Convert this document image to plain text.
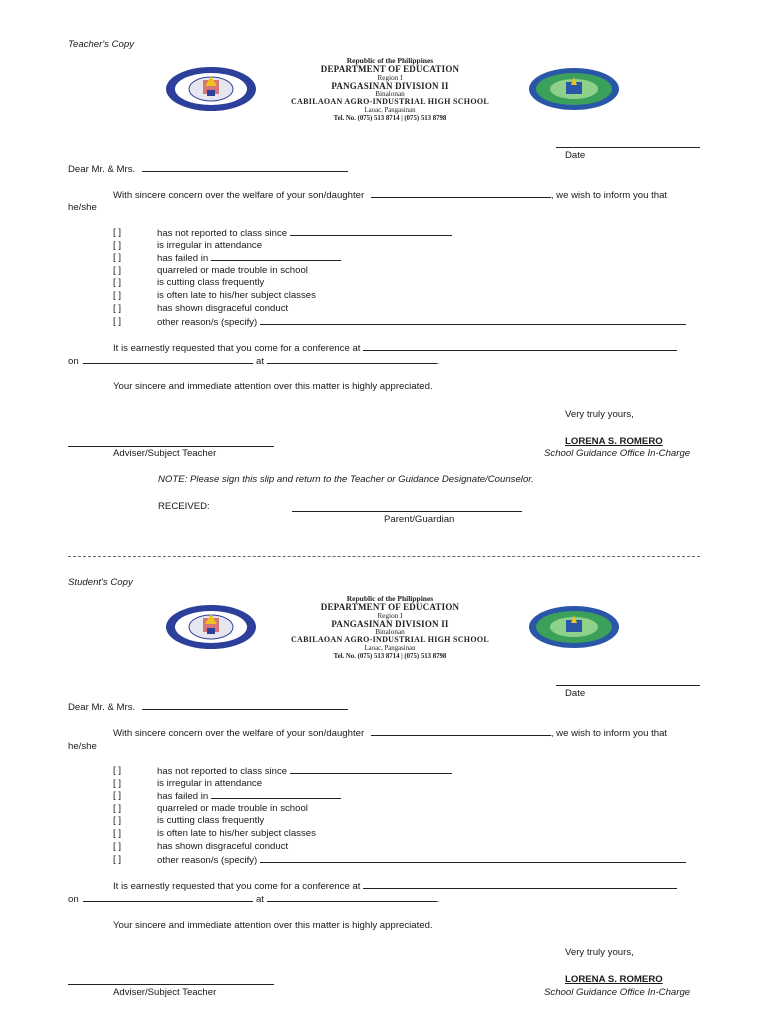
Teacher's Copy
Republic of the Philippines
DEPARTMENT OF EDUCATION
Region I
PANGASINAN DIVISION II
Binalonan
CABILAOAN AGRO-INDUSTRIAL HIGH SCHOOL
Laoac, Pangasinan
Tel. No. (075) 513 8714 | (075) 513 8798
Date
Dear Mr. & Mrs.
With sincere concern over the welfare of your son/daughter	, we wish to inform you that
he/she
[ ]	has not reported to class since
[ ]	is irregular in attendance
[ ]	has failed in
[ ]	quarreled or made trouble in school
[ ]	is cutting class frequently
[ ]	is often late to his/her subject classes
[ ]	has shown disgraceful conduct
[ ]	other reason/s (specify)
It is earnestly requested that you come for a conference at
on	at	.
Your sincere and immediate attention over this matter is highly appreciated.
Very truly yours,
Adviser/Subject Teacher
LORENA S. ROMERO
School Guidance Office In-Charge
NOTE: Please sign this slip and return to the Teacher or Guidance Designate/Counselor.
RECEIVED:
Parent/Guardian
Student's Copy
Republic of the Philippines
DEPARTMENT OF EDUCATION
Region I
PANGASINAN DIVISION II
Binalonan
CABILAOAN AGRO-INDUSTRIAL HIGH SCHOOL
Laoac, Pangasinan
Tel. No. (075) 513 8714 | (075) 513 8798
Date
Dear Mr. & Mrs.
With sincere concern over the welfare of your son/daughter	, we wish to inform you that
he/she
[ ]	has not reported to class since
[ ]	is irregular in attendance
[ ]	has failed in
[ ]	quarreled or made trouble in school
[ ]	is cutting class frequently
[ ]	is often late to his/her subject classes
[ ]	has shown disgraceful conduct
[ ]	other reason/s (specify)
It is earnestly requested that you come for a conference at
on	at	.
Your sincere and immediate attention over this matter is highly appreciated.
Very truly yours,
Adviser/Subject Teacher
LORENA S. ROMERO
School Guidance Office In-Charge
